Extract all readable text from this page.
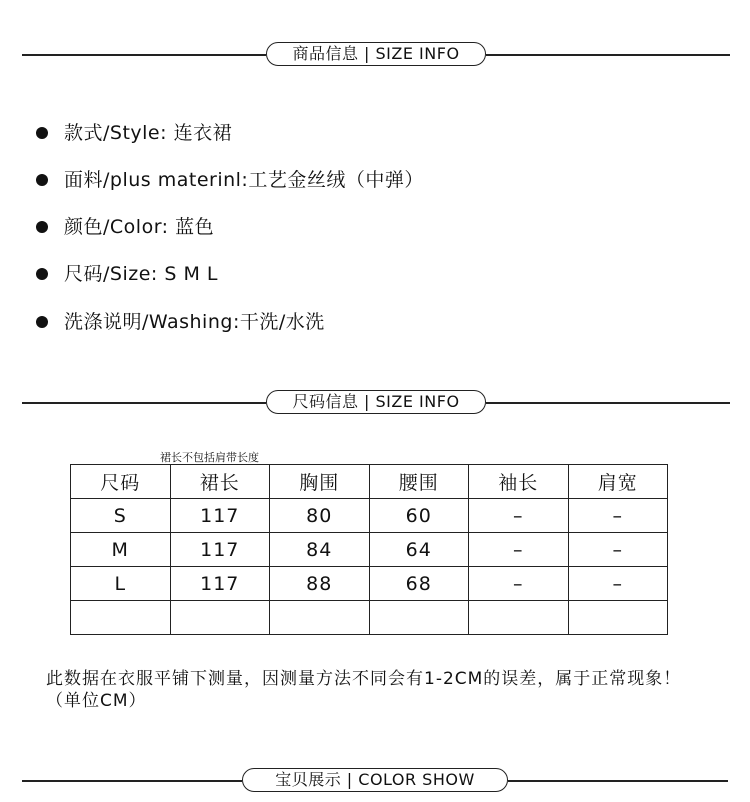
商品信息 | SIZE INFO
款式/Style: 连衣裙
面料/plus materinl:工艺金丝绒（中弹）
颜色/Color: 蓝色
尺码/Size: S M L
洗涤说明/Washing:干洗/水洗
尺码信息 | SIZE INFO
裙长不包括肩带长度
尺码	裙长	胸围	腰围	袖长	肩宽
S	117	80	60	–	–
M	117	84	64	–	–
L	117	88	68	–	–

此数据在衣服平铺下测量，因测量方法不同会有1-2CM的误差，属于正常现象！（单位CM）
宝贝展示 | COLOR SHOW
